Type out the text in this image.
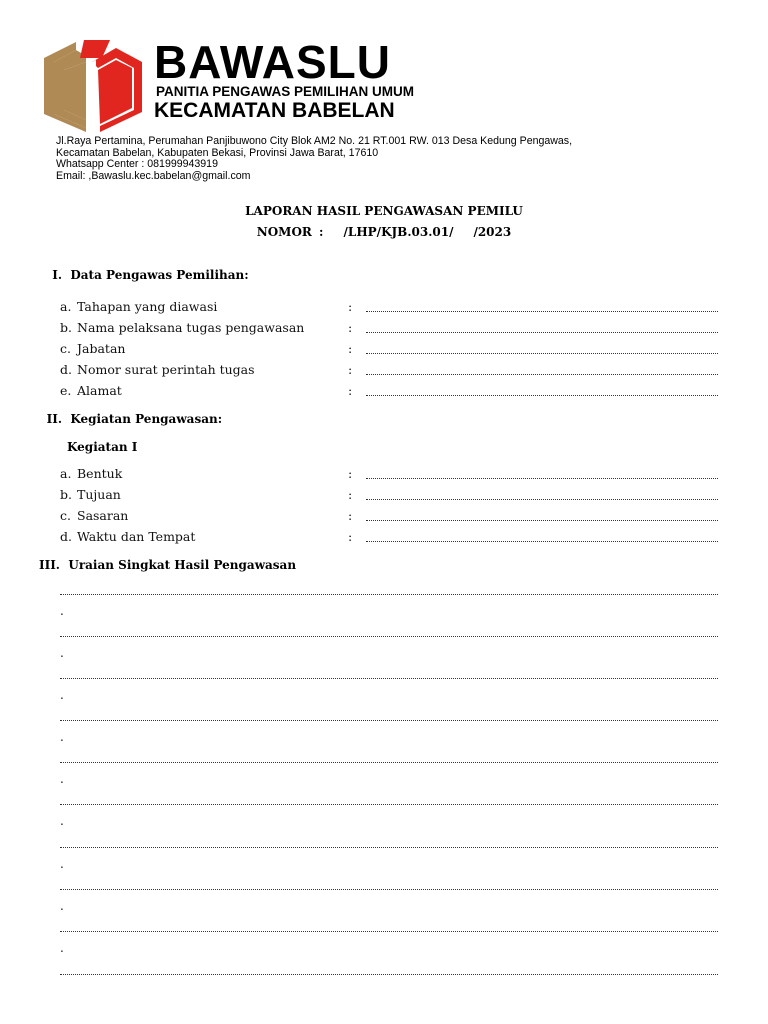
BAWASLU
PANITIA PENGAWAS PEMILIHAN UMUM
KECAMATAN BABELAN
Jl.Raya Pertamina, Perumahan Panjibuwono City Blok AM2 No. 21 RT.001 RW. 013 Desa Kedung Pengawas,
Kecamatan Babelan, Kabupaten Bekasi, Provinsi Jawa Barat, 17610
Whatsapp Center : 081999943919
Email: ,Bawaslu.kec.babelan@gmail.com
LAPORAN HASIL PENGAWASAN PEMILU
NOMOR : /LHP/KJB.03.01/ /2023
I. Data Pengawas Pemilihan:
a. Tahapan yang diawasi	:
b. Nama pelaksana tugas pengawasan	:
c. Jabatan	:
d. Nomor surat perintah tugas	:
e. Alamat	:
II. Kegiatan Pengawasan:
Kegiatan I
a. Bentuk	:
b. Tujuan	:
c. Sasaran	:
d. Waktu dan Tempat	:
III. Uraian Singkat Hasil Pengawasan
.
.
.
.
.
.
.
.
.
